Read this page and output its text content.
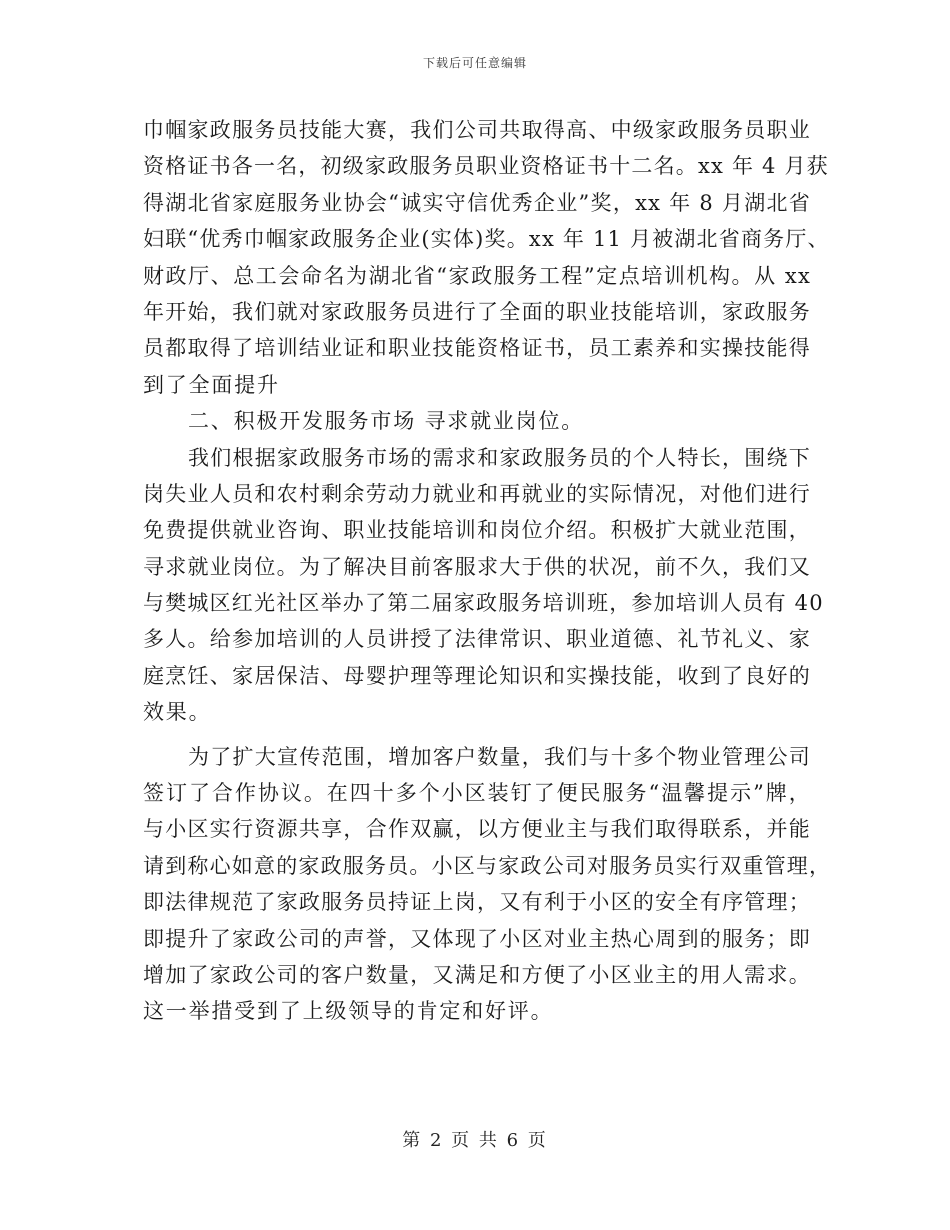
下载后可任意编辑
巾帼家政服务员技能大赛，我们公司共取得高、中级家政服务员职业
资格证书各一名，初级家政服务员职业资格证书十二名。xx 年 4 月获
得湖北省家庭服务业协会“诚实守信优秀企业”奖，xx 年 8 月湖北省
妇联“优秀巾帼家政服务企业(实体)奖。xx 年 11 月被湖北省商务厅、
财政厅、总工会命名为湖北省“家政服务工程”定点培训机构。从 xx
年开始，我们就对家政服务员进行了全面的职业技能培训，家政服务
员都取得了培训结业证和职业技能资格证书，员工素养和实操技能得
到了全面提升
二、积极开发服务市场 寻求就业岗位。
我们根据家政服务市场的需求和家政服务员的个人特长，围绕下
岗失业人员和农村剩余劳动力就业和再就业的实际情况，对他们进行
免费提供就业咨询、职业技能培训和岗位介绍。积极扩大就业范围，
寻求就业岗位。为了解决目前客服求大于供的状况，前不久，我们又
与樊城区红光社区举办了第二届家政服务培训班，参加培训人员有 40
多人。给参加培训的人员讲授了法律常识、职业道德、礼节礼义、家
庭烹饪、家居保洁、母婴护理等理论知识和实操技能，收到了良好的
效果。
为了扩大宣传范围，增加客户数量，我们与十多个物业管理公司
签订了合作协议。在四十多个小区装钉了便民服务“温馨提示”牌，
与小区实行资源共享，合作双赢，以方便业主与我们取得联系，并能
请到称心如意的家政服务员。小区与家政公司对服务员实行双重管理，
即法律规范了家政服务员持证上岗，又有利于小区的安全有序管理；
即提升了家政公司的声誉，又体现了小区对业主热心周到的服务；即
增加了家政公司的客户数量，又满足和方便了小区业主的用人需求。
这一举措受到了上级领导的肯定和好评。
第 2 页 共 6 页
